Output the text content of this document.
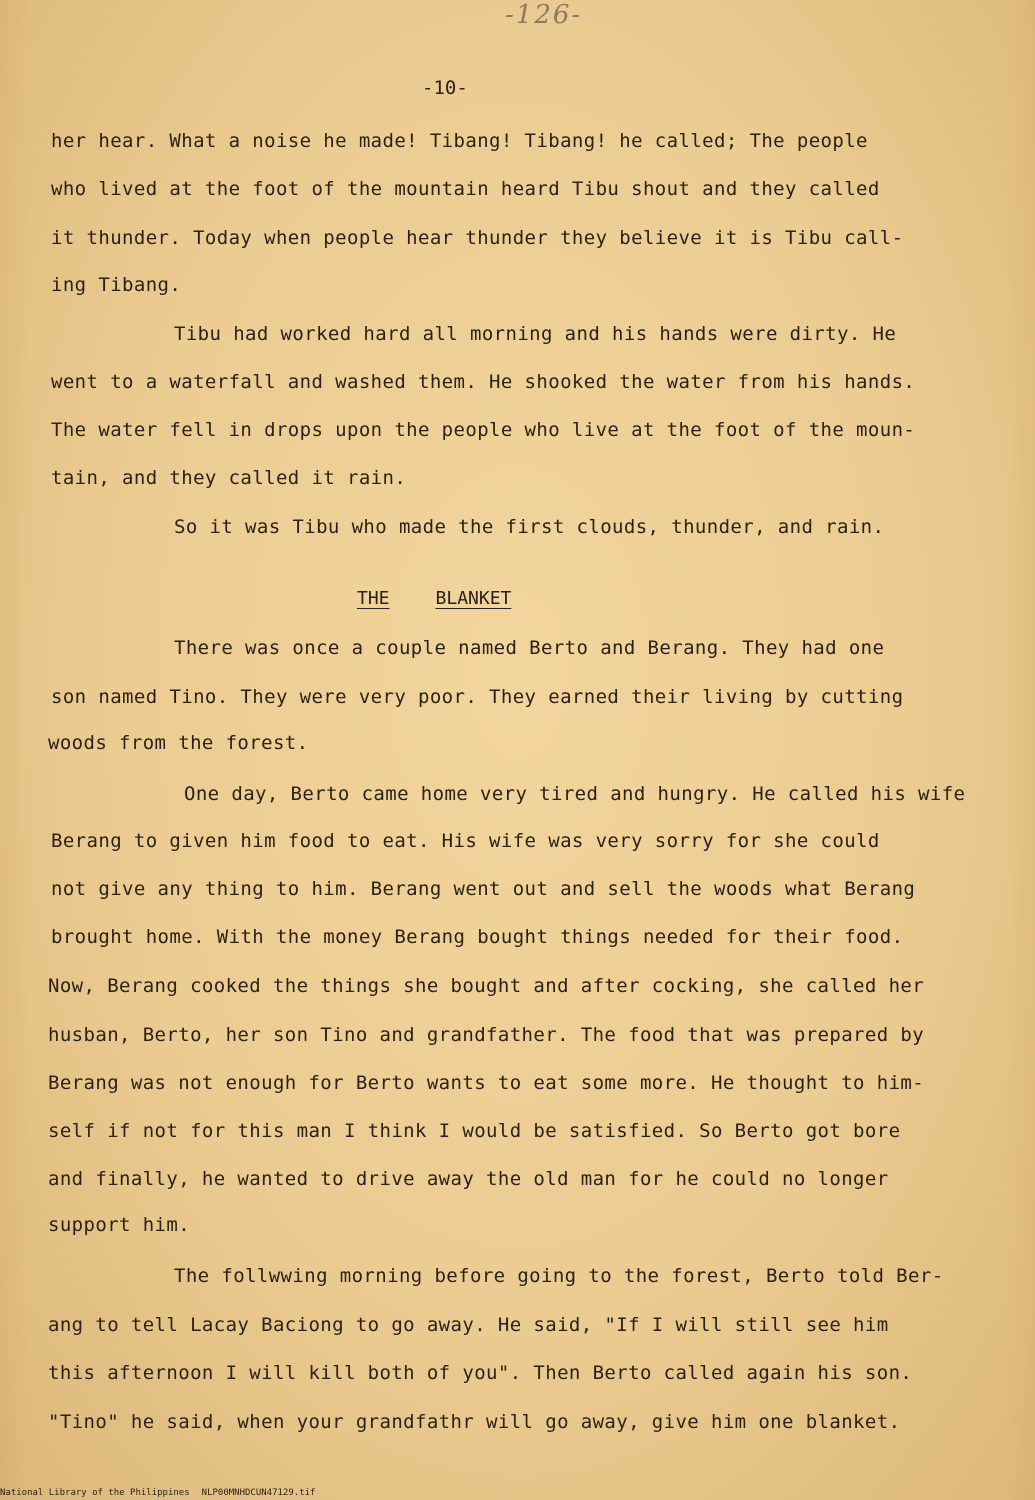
-126-
-10-
her hear. What a noise he made! Tibang! Tibang! he called; The people
who lived at the foot of the mountain heard Tibu shout and they called
it thunder. Today when people hear thunder they believe it is Tibu call-
ing Tibang.
Tibu had worked hard all morning and his hands were dirty. He
went to a waterfall and washed them. He shooked the water from his hands.
The water fell in drops upon the people who live at the foot of the moun-
tain, and they called it rain.
So it was Tibu who made the first clouds, thunder, and rain.
THE	BLANKET
There was once a couple named Berto and Berang. They had one
son named Tino. They were very poor. They earned their living by cutting
woods from the forest.
One day, Berto came home very tired and hungry. He called his wife
Berang to given him food to eat. His wife was very sorry for she could
not give any thing to him. Berang went out and sell the woods what Berang
brought home. With the money Berang bought things needed for their food.
Now, Berang cooked the things she bought and after cocking, she called her
husban, Berto, her son Tino and grandfather. The food that was prepared by
Berang was not enough for Berto wants to eat some more. He thought to him-
self if not for this man I think I would be satisfied. So Berto got bore
and finally, he wanted to drive away the old man for he could no longer
support him.
The follwwing morning before going to the forest, Berto told Ber-
ang to tell Lacay Baciong to go away. He said, "If I will still see him
this afternoon I will kill both of you". Then Berto called again his son.
"Tino" he said, when your grandfathr will go away, give him one blanket.
National Library of the Philippines NLP00MNHDCUN47129.tif
